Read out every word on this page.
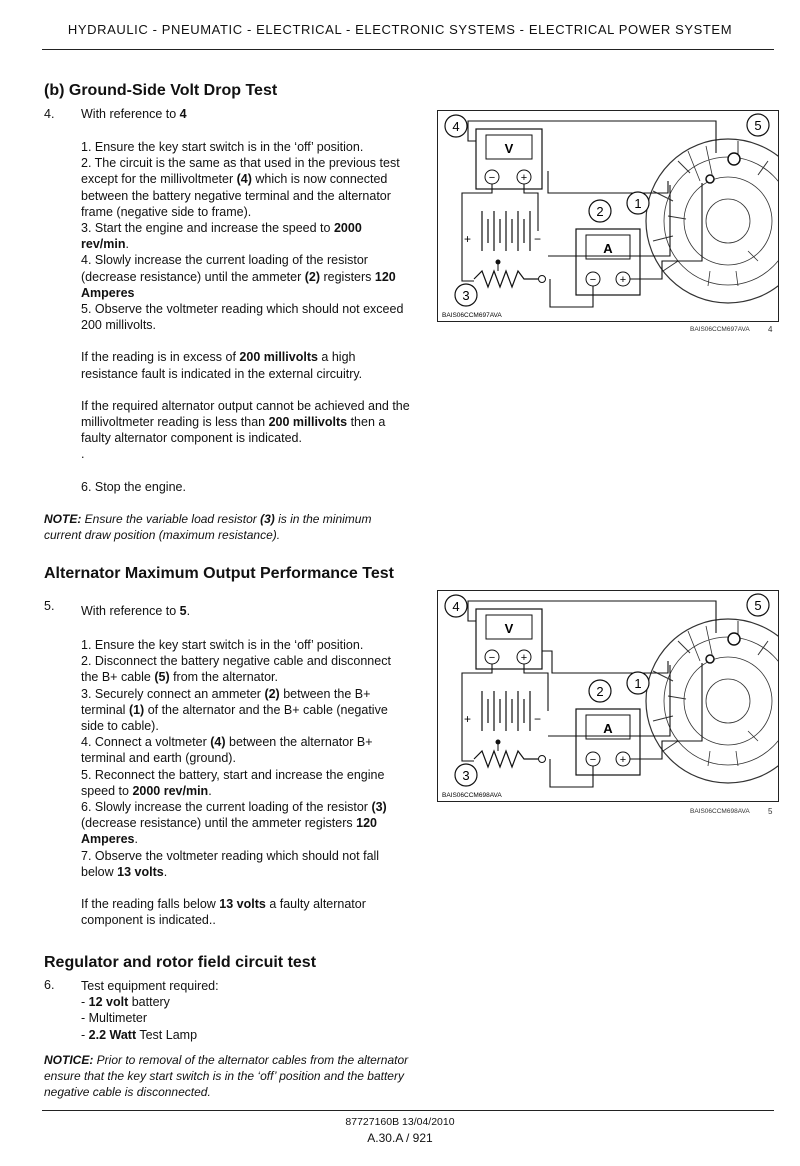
HYDRAULIC - PNEUMATIC - ELECTRICAL - ELECTRONIC SYSTEMS - ELECTRICAL POWER SYSTEM
(b) Ground-Side Volt Drop Test
4. With reference to 4

1. Ensure the key start switch is in the ‘off’ position.

2. The circuit is the same as that used in the previous test except for the millivoltmeter (4) which is now connected between the battery negative terminal and the alternator frame (negative side to frame).

3. Start the engine and increase the speed to 2000 rev/min.

4. Slowly increase the current loading of the resistor (decrease resistance) until the ammeter (2) registers 120 Amperes

5. Observe the voltmeter reading which should not exceed 200 millivolts.

If the reading is in excess of 200 millivolts a high resistance fault is indicated in the external circuitry.

If the required alternator output cannot be achieved and the millivoltmeter reading is less than 200 millivolts then a faulty alternator component is indicated.

.

6. Stop the engine.

NOTE: Ensure the variable load resistor (3) is in the minimum current draw position (maximum resistance).
Alternator Maximum Output Performance Test
5. With reference to 5.

1. Ensure the key start switch is in the ‘off’ position.

2. Disconnect the battery negative cable and disconnect the B+ cable (5) from the alternator.

3. Securely connect an ammeter (2) between the B+ terminal (1) of the alternator and the B+ cable (negative side to cable).

4. Connect a voltmeter (4) between the alternator B+ terminal and earth (ground).

5. Reconnect the battery, start and increase the engine speed to 2000 rev/min.

6. Slowly increase the current loading of the resistor (3) (decrease resistance) until the ammeter registers 120 Amperes.

7. Observe the voltmeter reading which should not fall below 13 volts.

If the reading falls below 13 volts a faulty alternator component is indicated..

Regulator and rotor field circuit test
6. Test equipment required:

- 12 volt battery

- Multimeter

- 2.2 Watt Test Lamp

NOTICE: Prior to removal of the alternator cables from the alternator ensure that the key start switch is in the ‘off’ position and the battery negative cable is disconnected.
V
− +
+	−
A
− +
4	5
1
2
3
BAIS06CCM697AVA
BAIS06CCM697AVA 4
V
− +
+	−
A
− +
4	5
1
2
3
BAIS06CCM698AVA
BAIS06CCM698AVA 5
87727160B 13/04/2010
A.30.A / 921
